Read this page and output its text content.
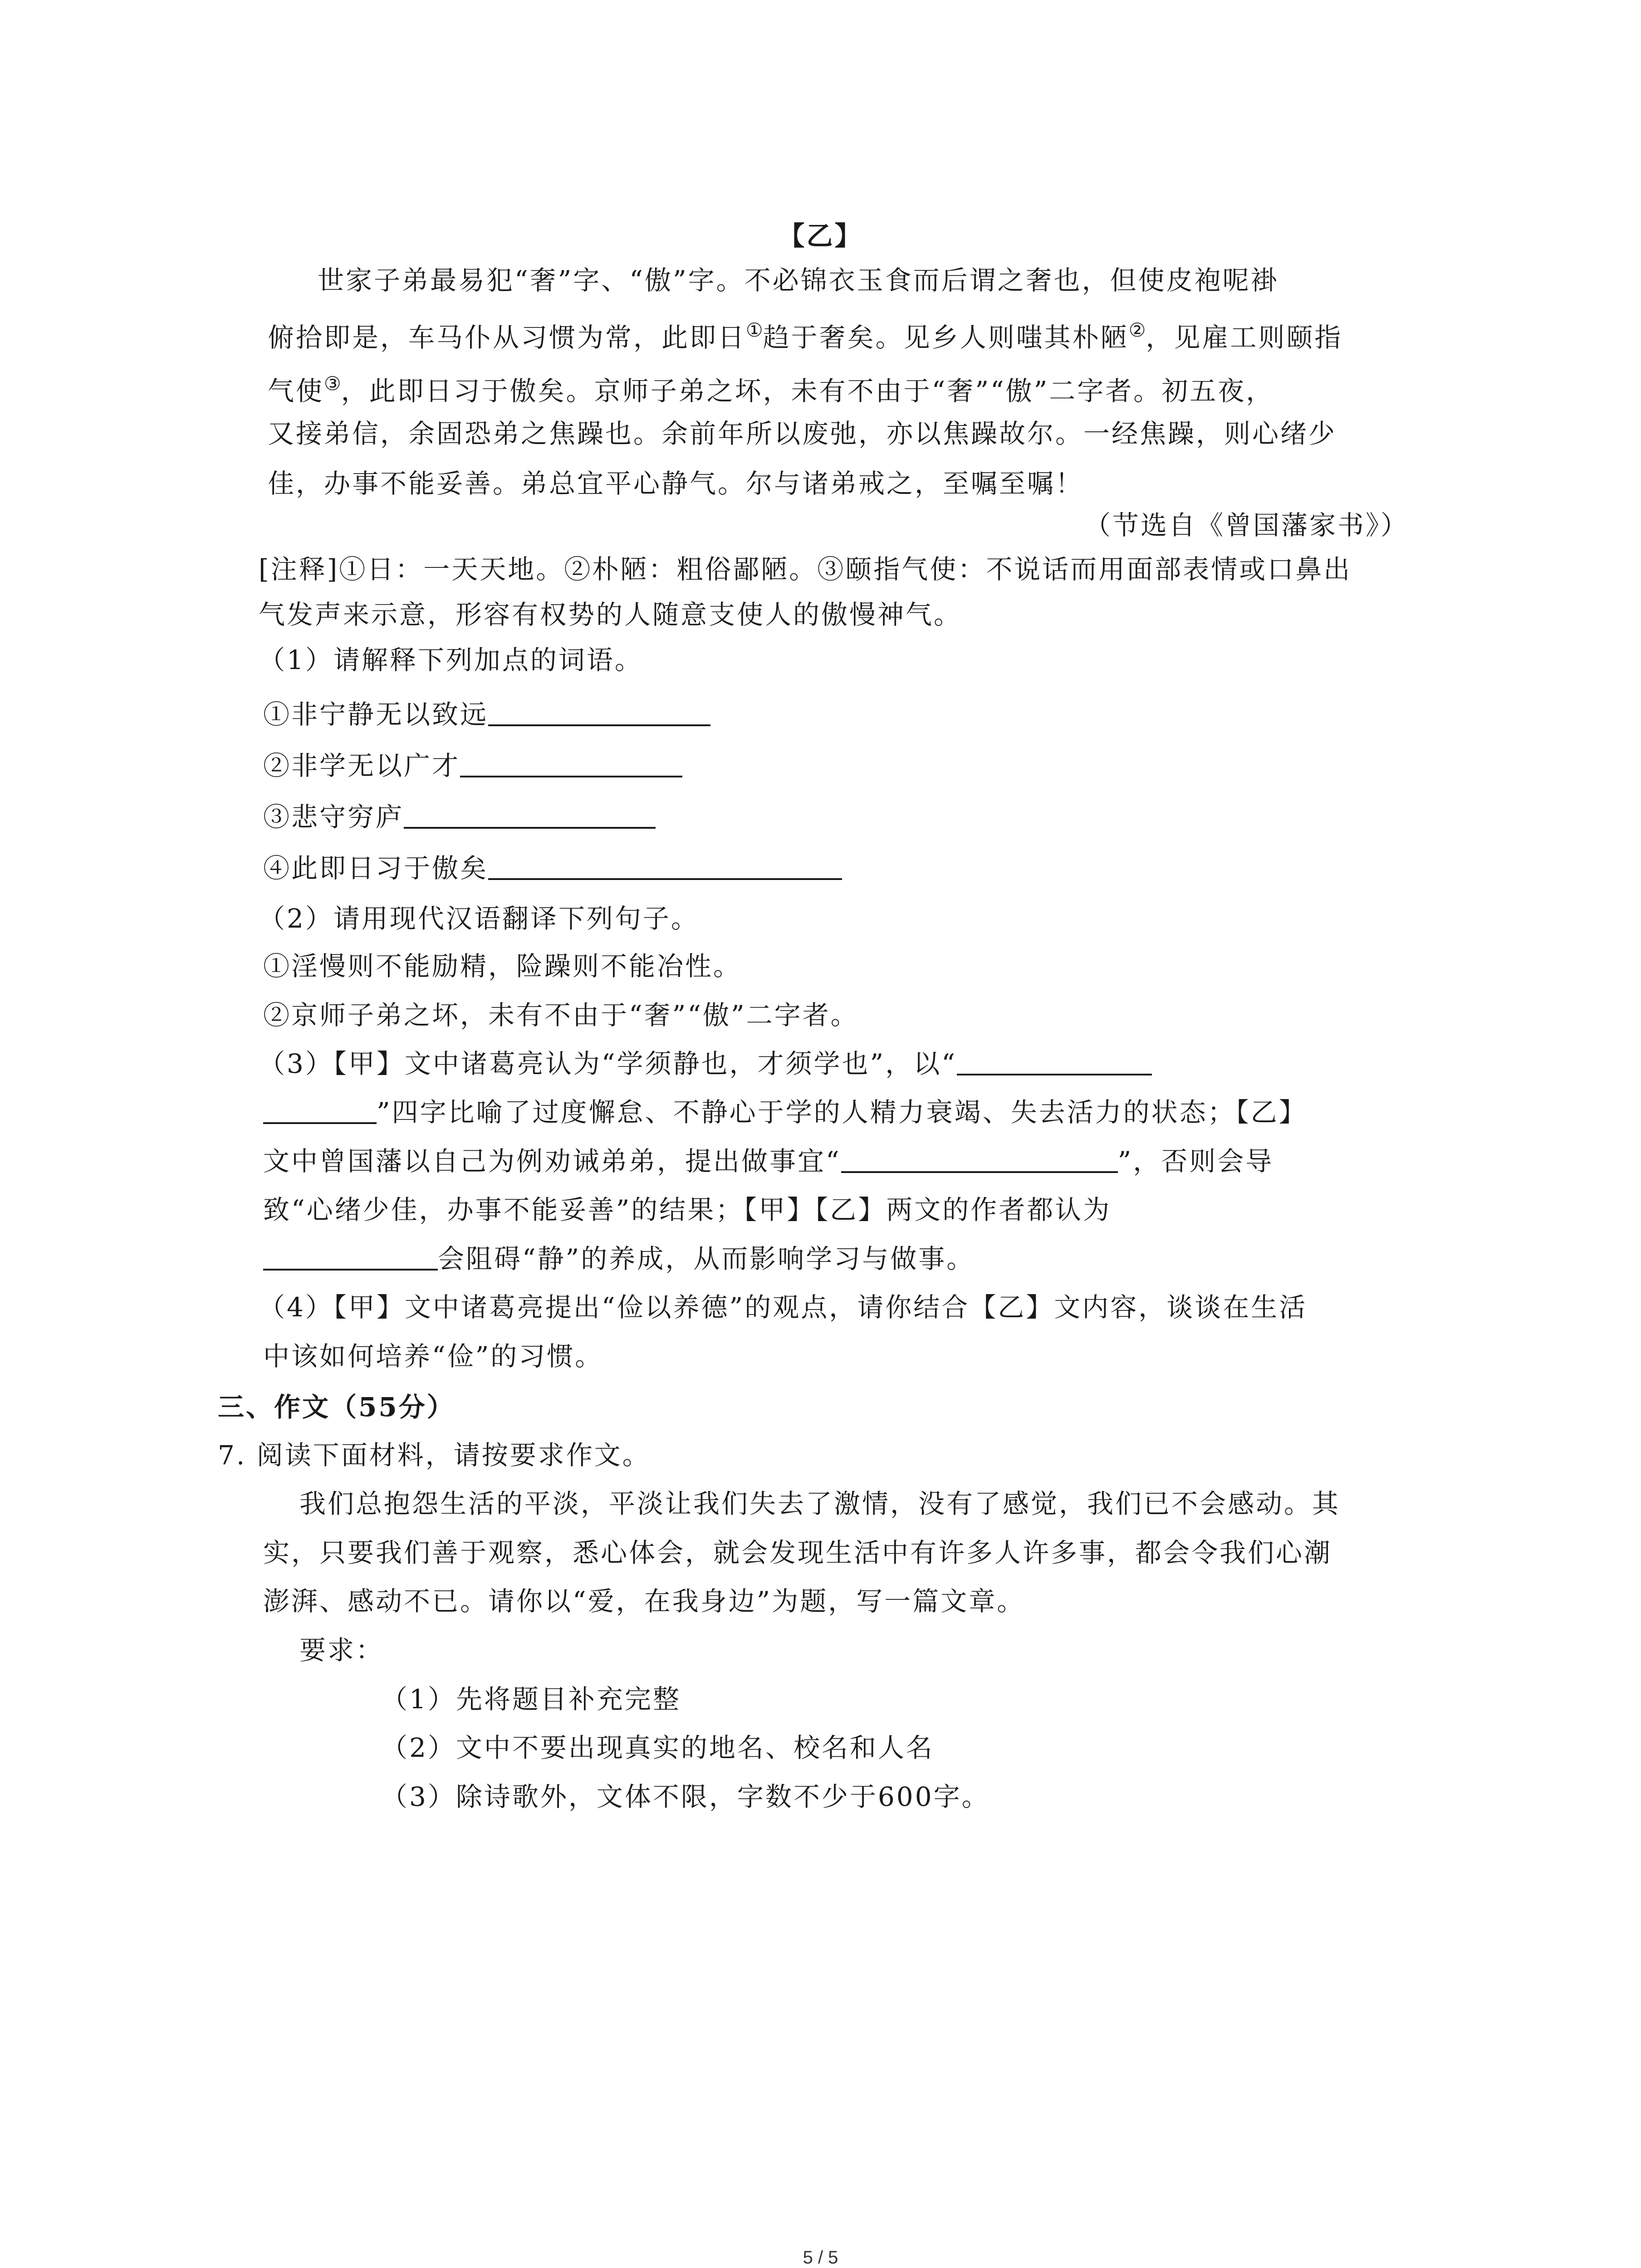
【乙】
世家子弟最易犯“奢”字、“傲”字。不必锦衣玉食而后谓之奢也，但使皮袍呢褂
俯拾即是，车马仆从习惯为常，此即日①趋于奢矣。见乡人则嗤其朴陋②，见雇工则颐指
气使③，此即日习于傲矣。京师子弟之坏，未有不由于“奢”“傲”二字者。初五夜，
又接弟信，余固恐弟之焦躁也。余前年所以废弛，亦以焦躁故尔。一经焦躁，则心绪少
佳，办事不能妥善。弟总宜平心静气。尔与诸弟戒之，至嘱至嘱！
（节选自《曾国藩家书》）
[注释]①日：一天天地。②朴陋：粗俗鄙陋。③颐指气使：不说话而用面部表情或口鼻出
气发声来示意，形容有权势的人随意支使人的傲慢神气。
（1）请解释下列加点的词语。
①非宁静无以致远
②非学无以广才
③悲守穷庐
④此即日习于傲矣
（2）请用现代汉语翻译下列句子。
①淫慢则不能励精，险躁则不能冶性。
②京师子弟之坏，未有不由于“奢”“傲”二字者。
（3）【甲】文中诸葛亮认为“学须静也，才须学也”，以“
”四字比喻了过度懈怠、不静心于学的人精力衰竭、失去活力的状态；【乙】
文中曾国藩以自己为例劝诫弟弟，提出做事宜“	”，否则会导
致“心绪少佳，办事不能妥善”的结果；【甲】【乙】两文的作者都认为
会阻碍“静”的养成，从而影响学习与做事。
（4）【甲】文中诸葛亮提出“俭以养德”的观点，请你结合【乙】文内容，谈谈在生活
中该如何培养“俭”的习惯。
三、作文（55分）
7. 阅读下面材料，请按要求作文。
我们总抱怨生活的平淡，平淡让我们失去了激情，没有了感觉，我们已不会感动。其
实，只要我们善于观察，悉心体会，就会发现生活中有许多人许多事，都会令我们心潮
澎湃、感动不已。请你以“爱，在我身边”为题，写一篇文章。
要求：
（1）先将题目补充完整
（2）文中不要出现真实的地名、校名和人名
（3）除诗歌外，文体不限，字数不少于600字。
5 / 5
